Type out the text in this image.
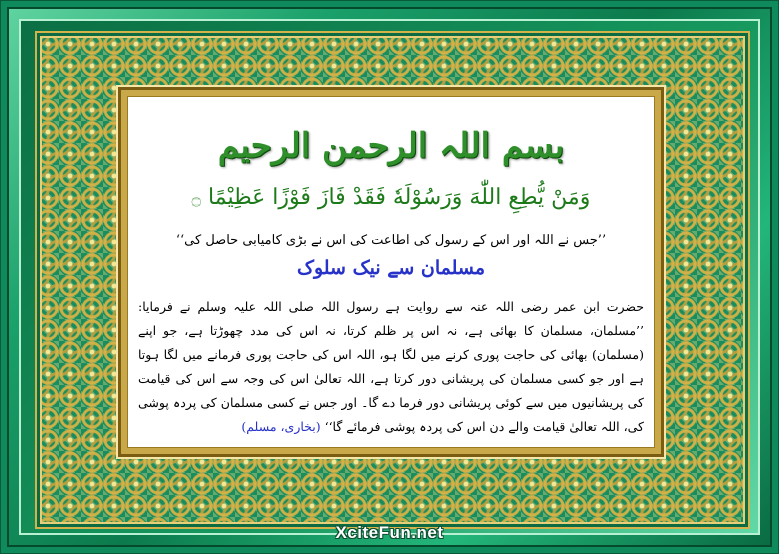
بسم اللہ الرحمن الرحیم
وَمَنْ يُّطِعِ اللّٰهَ وَرَسُوْلَهٗ فَقَدْ فَازَ فَوْزًا عَظِيْمًا ۝
’’جس نے اللہ اور اس کے رسول کی اطاعت کی اس نے بڑی کامیابی حاصل کی‘‘
مسلمان سے نیک سلوک
حضرت ابن عمر رضی اللہ عنہ سے روایت ہے رسول اللہ صلی اللہ علیہ وسلم نے فرمایا: ’’مسلمان، مسلمان کا بھائی ہے، نہ اس پر ظلم کرتا، نہ اس کی مدد چھوڑتا ہے، جو اپنے (مسلمان) بھائی کی حاجت پوری کرنے میں لگا ہو، اللہ اس کی حاجت پوری فرمانے میں لگا ہوتا ہے اور جو کسی مسلمان کی پریشانی دور کرتا ہے، اللہ تعالیٰ اس کی وجہ سے اس کی قیامت کی پریشانیوں میں سے کوئی پریشانی دور فرما دے گا۔ اور جس نے کسی مسلمان کی پردہ پوشی کی، اللہ تعالیٰ قیامت والے دن اس کی پردہ پوشی فرمائے گا‘‘ (بخاری، مسلم)
XciteFun.net
